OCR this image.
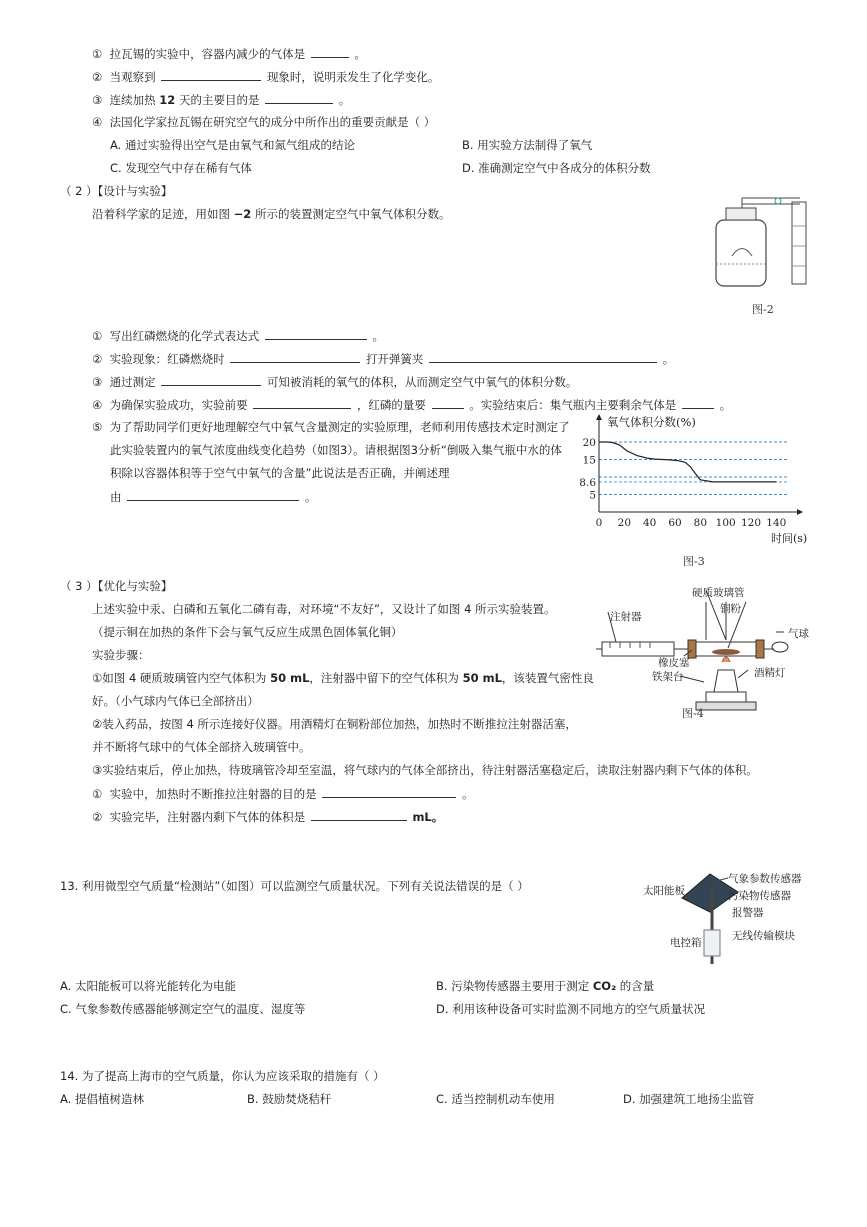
① 拉瓦锡的实验中，容器内减少的气体是	。
② 当观察到	现象时，说明汞发生了化学变化。
③ 连续加热 12 天的主要目的是	。
④ 法国化学家拉瓦锡在研究空气的成分中所作出的重要贡献是（ ）
A. 通过实验得出空气是由氧气和氮气组成的结论	B. 用实验方法制得了氧气
C. 发现空气中存在稀有气体	D. 准确测定空气中各成分的体积分数
（ 2 ）【设计与实验】
沿着科学家的足迹，用如图 −2 所示的装置测定空气中氧气体积分数。
图-2
① 写出红磷燃烧的化学式表达式	。
② 实验现象：红磷燃烧时	打开弹簧夹	。
③ 通过测定	可知被消耗的氧气的体积，从而测定空气中氧气的体积分数。
④ 为确保实验成功，实验前要	，红磷的量要	。实验结束后：集气瓶内主要剩余气体是	。
⑤ 为了帮助同学们更好地理解空气中氧气含量测定的实验原理，老师利用传感技术定时测定了
此实验装置内的氧气浓度曲线变化趋势（如图3）。请根据图3分析“倒吸入集气瓶中水的体
积除以容器体积等于空气中氧气的含量”此说法是否正确，并阐述理
由	。
0 20 40 60 80 100 120 140
20
15
8.6
5
氧气体积分数(%)
时间(s)
图-3
（ 3 ）【优化与实验】
上述实验中汞、白磷和五氧化二磷有毒，对环境“不友好”，又设计了如图 4 所示实验装置。
（提示铜在加热的条件下会与氧气反应生成黑色固体氧化铜）
实验步骤：
①如图 4 硬质玻璃管内空气体积为 50 mL，注射器中留下的空气体积为 50 mL，该装置气密性良
好。（小气球内气体已全部挤出）
②装入药品，按图 4 所示连接好仪器。用酒精灯在铜粉部位加热，加热时不断推拉注射器活塞，
并不断将气球中的气体全部挤入玻璃管中。
③实验结束后，停止加热，待玻璃管冷却至室温，将气球内的气体全部挤出，待注射器活塞稳定后，读取注射器内剩下气体的体积。
① 实验中，加热时不断推拉注射器的目的是	。
② 实验完毕，注射器内剩下气体的体积是	mL。
硬质玻璃管
铜粉
注射器
气球
橡皮塞
酒精灯
铁架台
图-4
13. 利用微型空气质量“检测站”（如图）可以监测空气质量状况。下列有关说法错误的是（ ）	太阳能板
气象参数传感器
污染物传感器
报警器
电控箱
无线传输模块
A. 太阳能板可以将光能转化为电能	B. 污染物传感器主要用于测定 CO₂ 的含量
C. 气象参数传感器能够测定空气的温度、湿度等	D. 利用该种设备可实时监测不同地方的空气质量状况
14. 为了提高上海市的空气质量，你认为应该采取的措施有（ ）
A. 提倡植树造林	B. 鼓励焚烧秸秆	C. 适当控制机动车使用	D. 加强建筑工地扬尘监管
